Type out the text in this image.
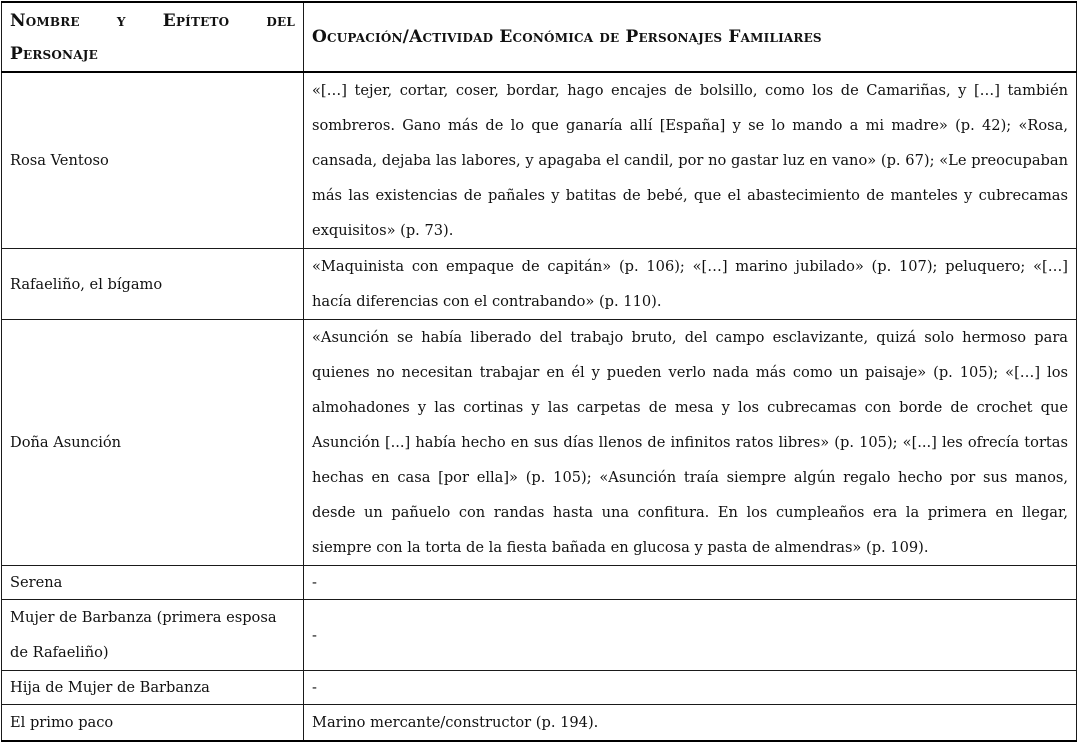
Nombre y Epíteto del Personaje	Ocupación/Actividad Económica de Personajes Familiares
Rosa Ventoso	«[…] tejer, cortar, coser, bordar, hago encajes de bolsillo, como los de Camariñas, y […] también sombreros. Gano más de lo que ganaría allí [España] y se lo mando a mi madre» (p. 42); «Rosa, cansada, dejaba las labores, y apagaba el candil, por no gastar luz en vano» (p. 67); «Le preocupaban más las existencias de pañales y batitas de bebé, que el abastecimiento de manteles y cubrecamas exquisitos» (p. 73).
Rafaeliño, el bígamo	«Maquinista con empaque de capitán» (p. 106); «[…] marino jubilado» (p. 107); peluquero; «[…] hacía diferencias con el contrabando» (p. 110).
Doña Asunción	«Asunción se había liberado del trabajo bruto, del campo esclavizante, quizá solo hermoso para quienes no necesitan trabajar en él y pueden verlo nada más como un paisaje» (p. 105); «[…] los almohadones y las cortinas y las carpetas de mesa y los cubrecamas con borde de crochet que Asunción [...] había hecho en sus días llenos de infinitos ratos libres» (p. 105); «[...] les ofrecía tortas hechas en casa [por ella]» (p. 105); «Asunción traía siempre algún regalo hecho por sus manos, desde un pañuelo con randas hasta una confitura. En los cumpleaños era la primera en llegar, siempre con la torta de la fiesta bañada en glucosa y pasta de almendras» (p. 109).
Serena	-
Mujer de Barbanza (primera esposa de Rafaeliño)	-
Hija de Mujer de Barbanza	-
El primo paco	Marino mercante/constructor (p. 194).
